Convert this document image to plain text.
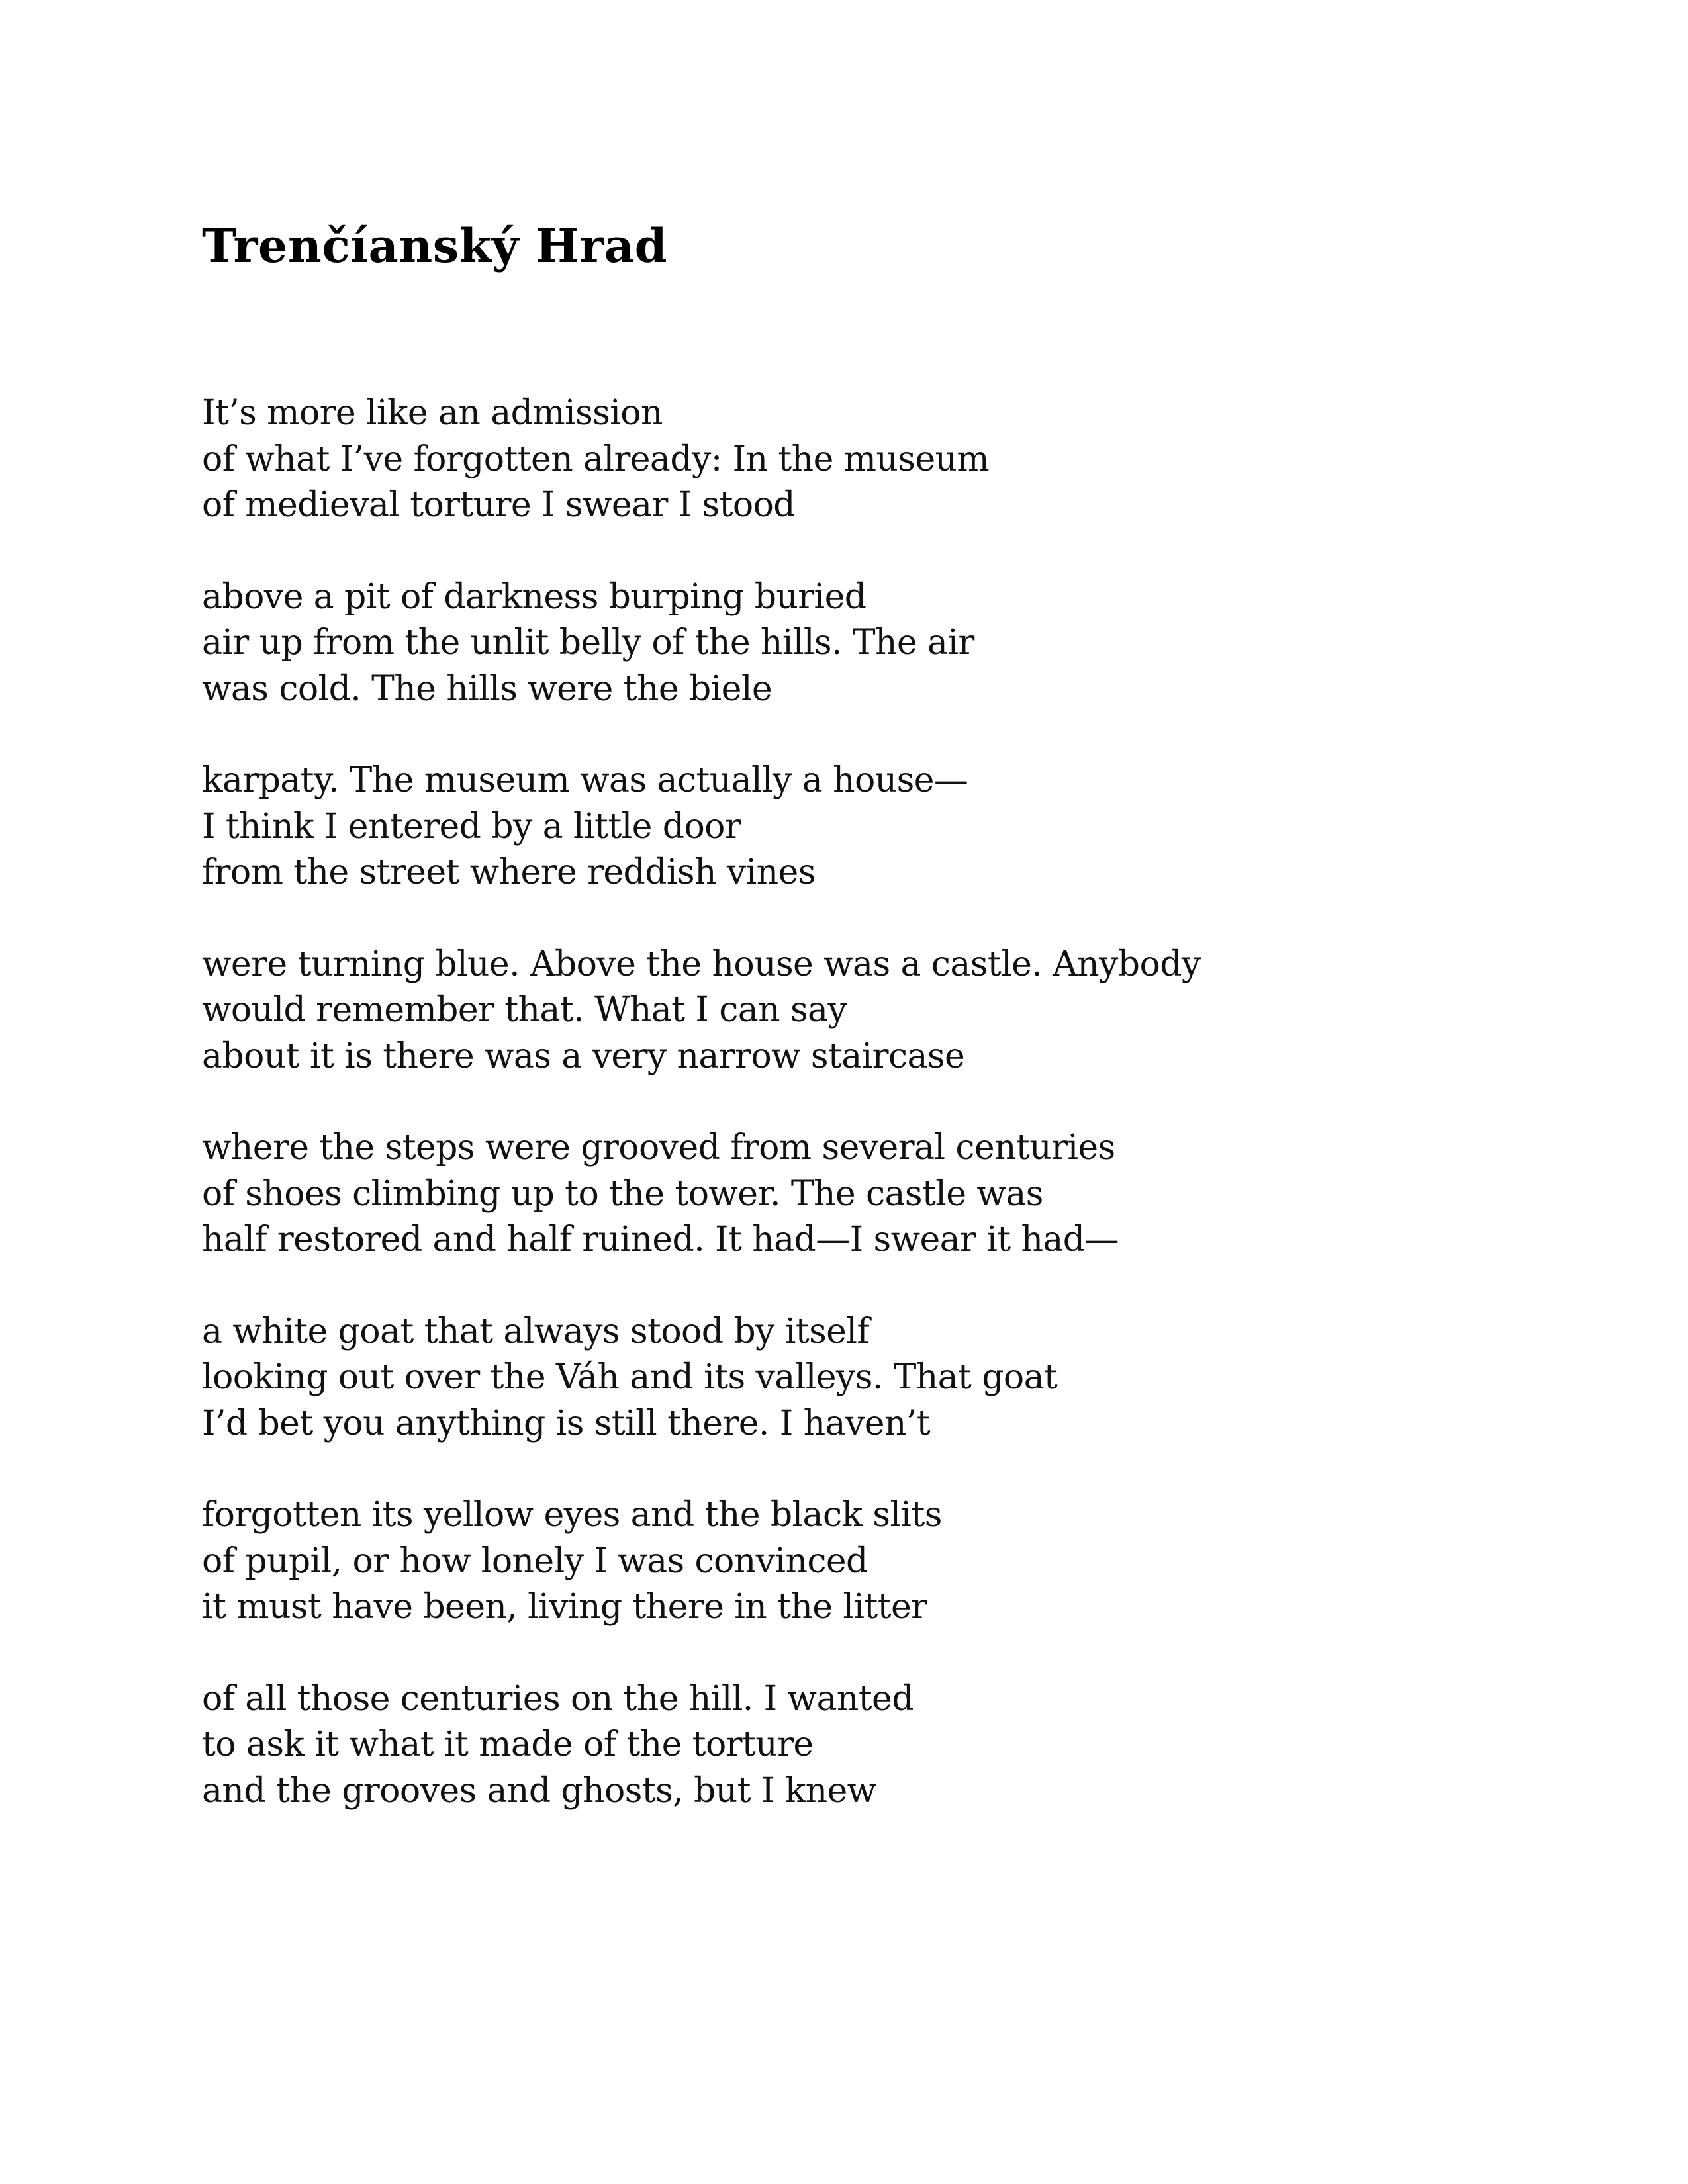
Trenčíanský Hrad
It’s more like an admission
of what I’ve forgotten already: In the museum
of medieval torture I swear I stood
above a pit of darkness burping buried
air up from the unlit belly of the hills. The air
was cold. The hills were the biele
karpaty. The museum was actually a house—
I think I entered by a little door
from the street where reddish vines
were turning blue. Above the house was a castle. Anybody
would remember that. What I can say
about it is there was a very narrow staircase
where the steps were grooved from several centuries
of shoes climbing up to the tower. The castle was
half restored and half ruined. It had—I swear it had—
a white goat that always stood by itself
looking out over the Váh and its valleys. That goat
I’d bet you anything is still there. I haven’t
forgotten its yellow eyes and the black slits
of pupil, or how lonely I was convinced
it must have been, living there in the litter
of all those centuries on the hill. I wanted
to ask it what it made of the torture
and the grooves and ghosts, but I knew
